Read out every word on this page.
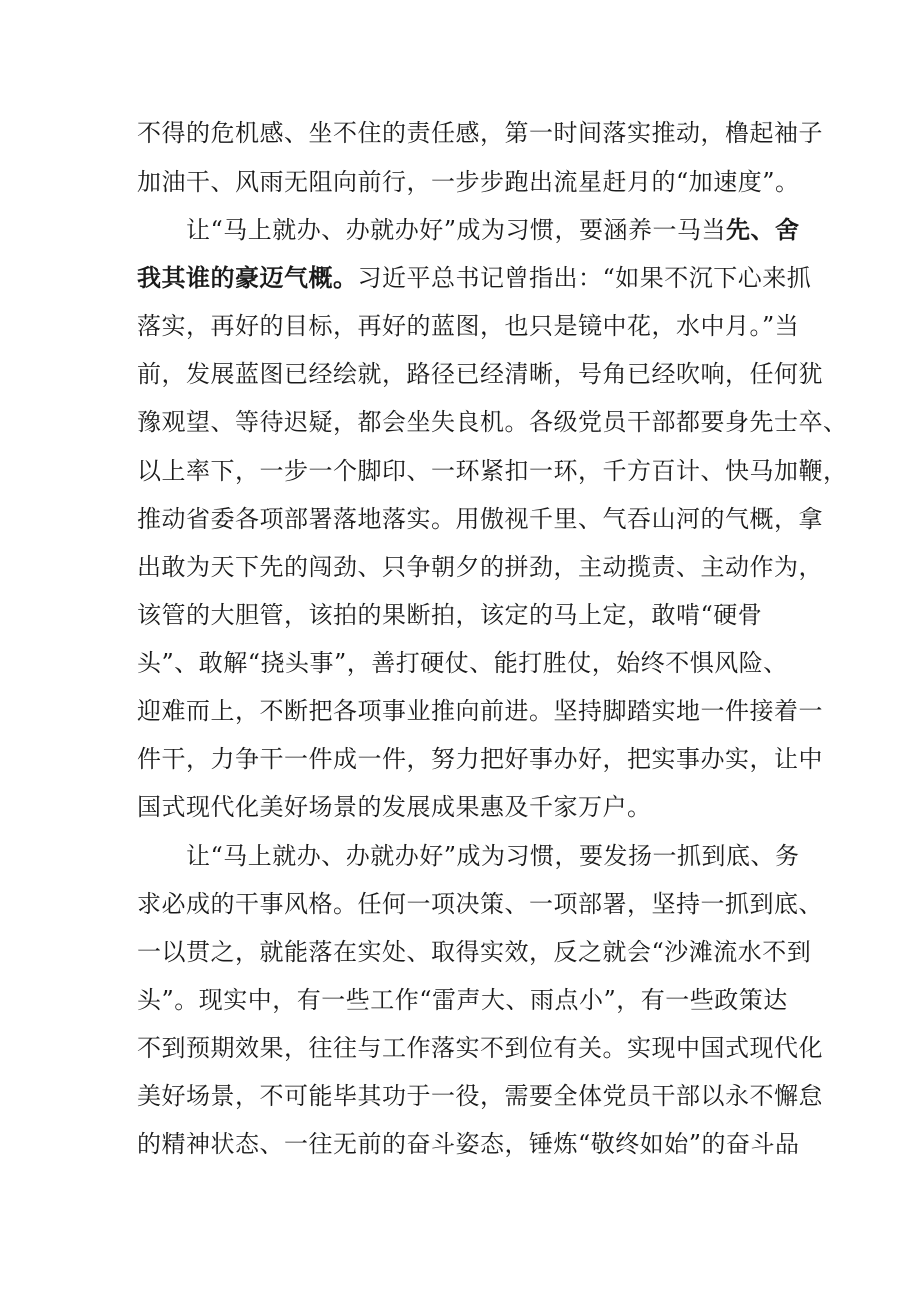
不得的危机感、坐不住的责任感，第一时间落实推动，橹起袖子
加油干、风雨无阻向前行，一步步跑出流星赶月的“加速度”。
让“马上就办、办就办好”成为习惯，要涵养一马当先、舍
我其谁的豪迈气概。习近平总书记曾指出：“如果不沉下心来抓
落实，再好的目标，再好的蓝图，也只是镜中花，水中月。”当
前，发展蓝图已经绘就，路径已经清晰，号角已经吹响，任何犹
豫观望、等待迟疑，都会坐失良机。各级党员干部都要身先士卒、
以上率下，一步一个脚印、一环紧扣一环，千方百计、快马加鞭，
推动省委各项部署落地落实。用傲视千里、气吞山河的气概，拿
出敢为天下先的闯劲、只争朝夕的拼劲，主动揽责、主动作为，
该管的大胆管，该拍的果断拍，该定的马上定，敢啃“硬骨
头”、敢解“挠头事”，善打硬仗、能打胜仗，始终不惧风险、
迎难而上，不断把各项事业推向前进。坚持脚踏实地一件接着一
件干，力争干一件成一件，努力把好事办好，把实事办实，让中
国式现代化美好场景的发展成果惠及千家万户。
让“马上就办、办就办好”成为习惯，要发扬一抓到底、务
求必成的干事风格。任何一项决策、一项部署，坚持一抓到底、
一以贯之，就能落在实处、取得实效，反之就会“沙滩流水不到
头”。现实中，有一些工作“雷声大、雨点小”，有一些政策达
不到预期效果，往往与工作落实不到位有关。实现中国式现代化
美好场景，不可能毕其功于一役，需要全体党员干部以永不懈怠
的精神状态、一往无前的奋斗姿态，锤炼“敬终如始”的奋斗品
